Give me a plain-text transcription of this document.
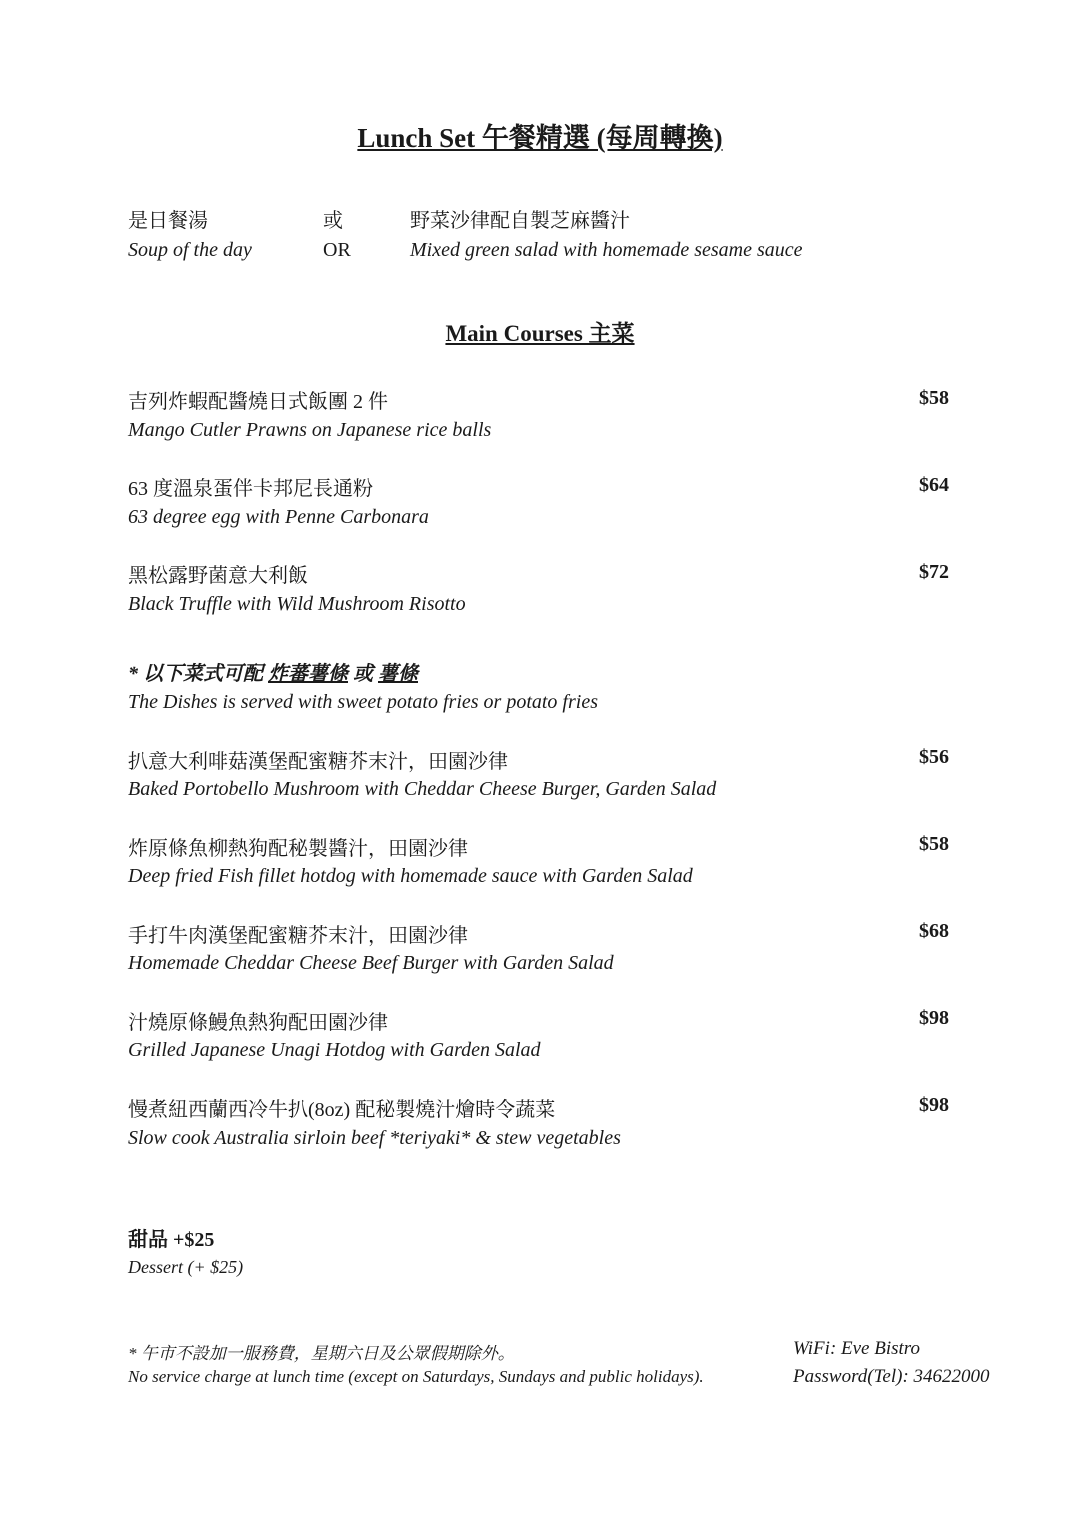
Lunch Set 午餐精選 (每周轉換)
是日餐湯	或	野菜沙律配自製芝麻醬汁
Soup of the day	OR	Mixed green salad with homemade sesame sauce
Main Courses 主菜
吉列炸蝦配醬燒日式飯團 2 件
Mango Cutler Prawns on Japanese rice balls
$58
63 度溫泉蛋伴卡邦尼長通粉
63 degree egg with Penne Carbonara
$64
黑松露野菌意大利飯
Black Truffle with Wild Mushroom Risotto
$72
* 以下菜式可配 炸蕃薯條 或 薯條
The Dishes is served with sweet potato fries or potato fries
扒意大利啡菇漢堡配蜜糖芥末汁，田園沙律
Baked Portobello Mushroom with Cheddar Cheese Burger, Garden Salad
$56
炸原條魚柳熱狗配秘製醬汁，田園沙律
Deep fried Fish fillet hotdog with homemade sauce with Garden Salad
$58
手打牛肉漢堡配蜜糖芥末汁，田園沙律
Homemade Cheddar Cheese Beef Burger with Garden Salad
$68
汁燒原條鰻魚熱狗配田園沙律
Grilled Japanese Unagi Hotdog with Garden Salad
$98
慢煮紐西蘭西冷牛扒(8oz) 配秘製燒汁燴時令蔬菜
Slow cook Australia sirloin beef *teriyaki* & stew vegetables
$98
甜品 +$25
Dessert (+ $25)
* 午市不設加一服務費，星期六日及公眾假期除外。
No service charge at lunch time (except on Saturdays, Sundays and public holidays).
WiFi: Eve Bistro
Password(Tel): 34622000
